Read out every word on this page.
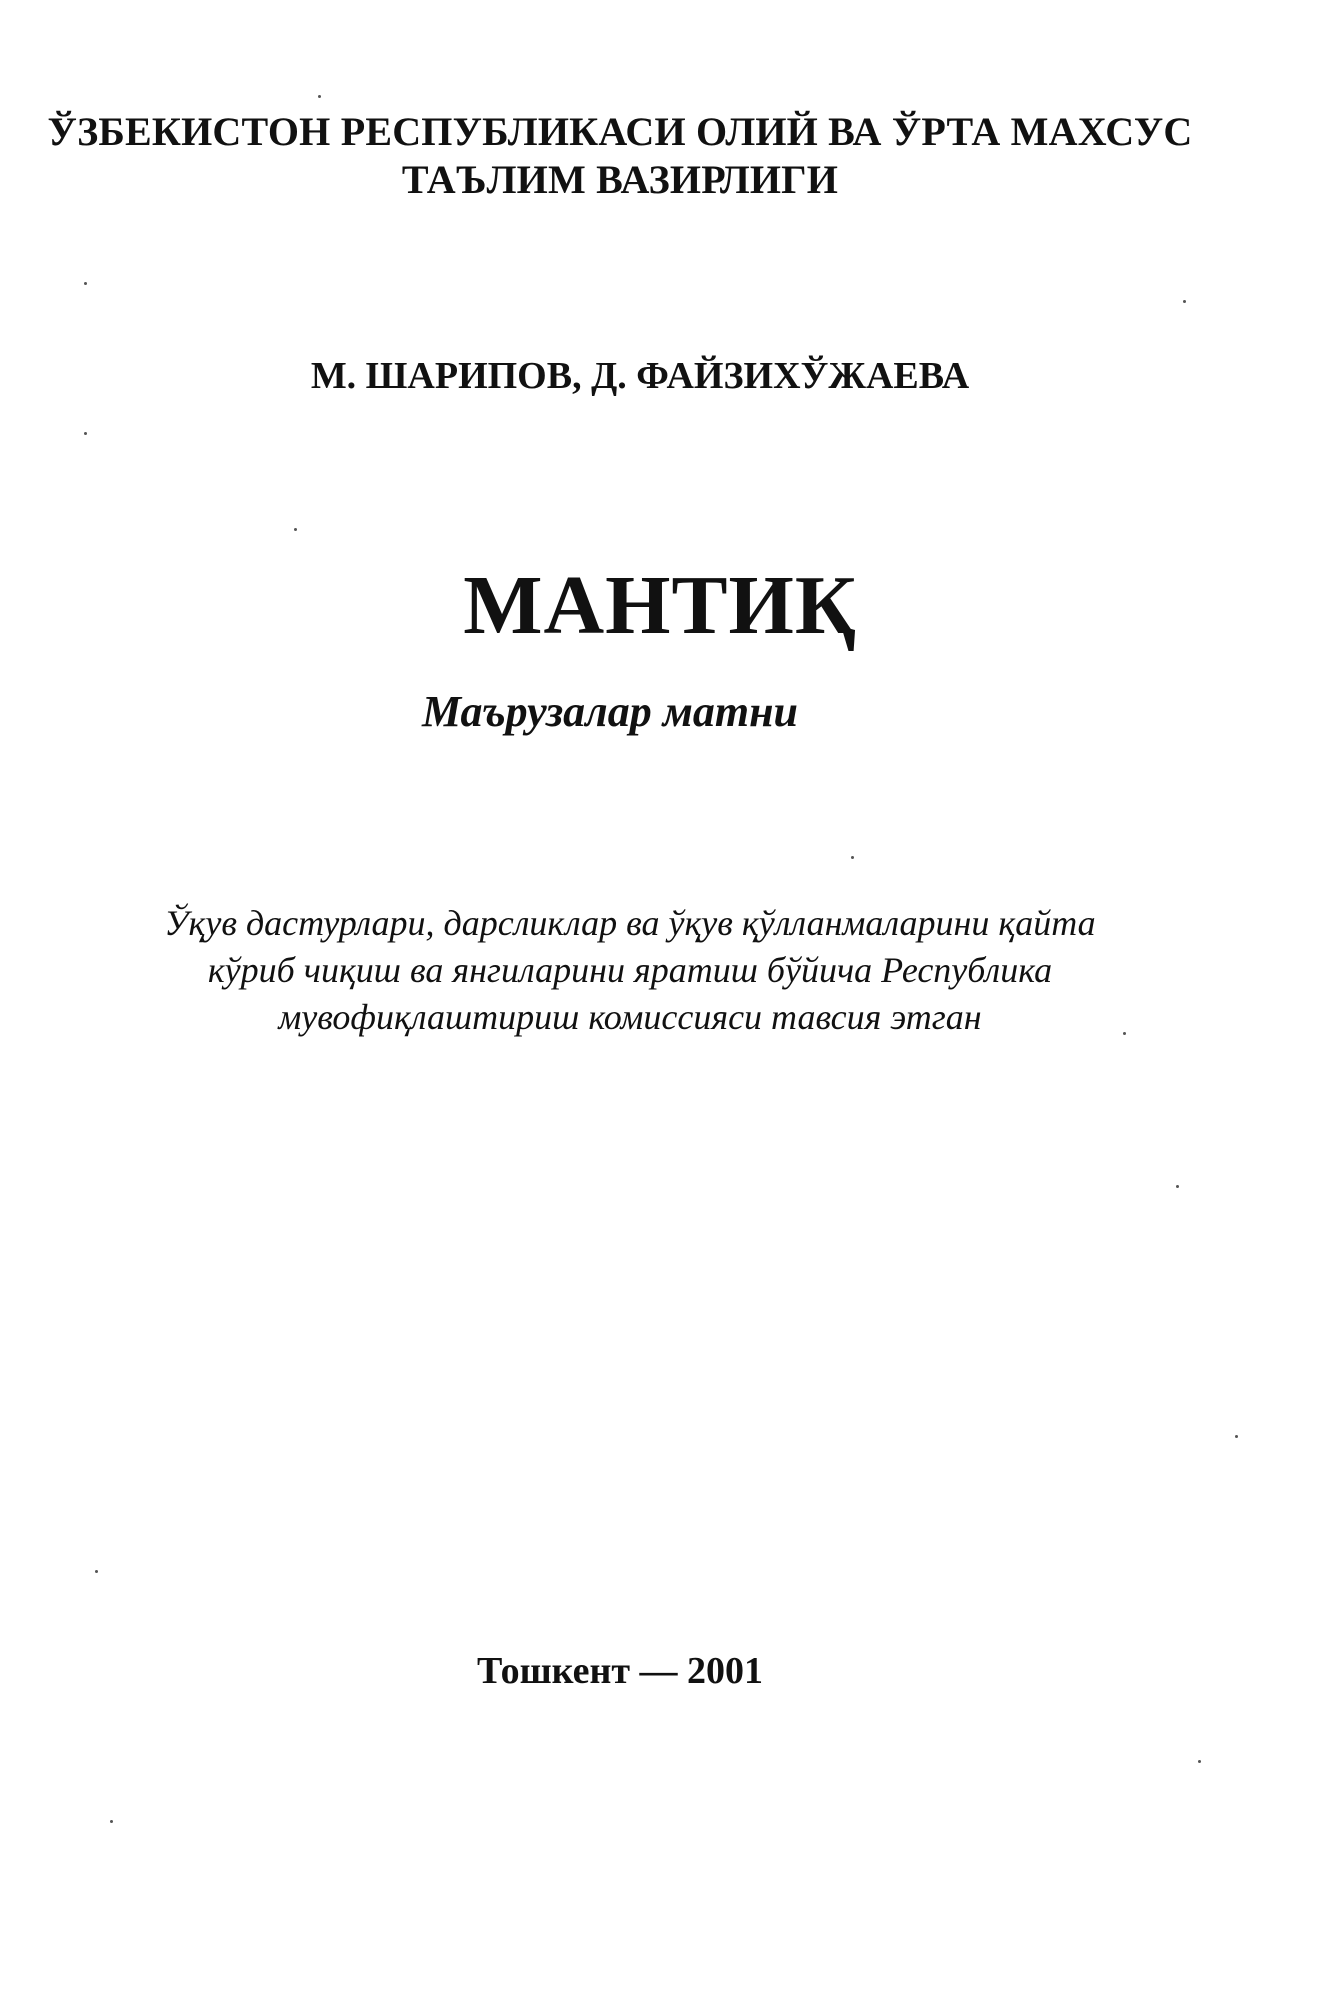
ЎЗБЕКИСТОН РЕСПУБЛИКАСИ ОЛИЙ ВА ЎРТА МАХСУС
ТАЪЛИМ ВАЗИРЛИГИ
М. ШАРИПОВ, Д. ФАЙЗИХЎЖАЕВА
МАНТИҚ
Маърузалар матни
Ўқув дастурлари, дарсликлар ва ўқув қўлланмаларини қайта
кўриб чиқиш ва янгиларини яратиш бўйича Республика
мувофиқлаштириш комиссияси тавсия этган
Тошкент — 2001
